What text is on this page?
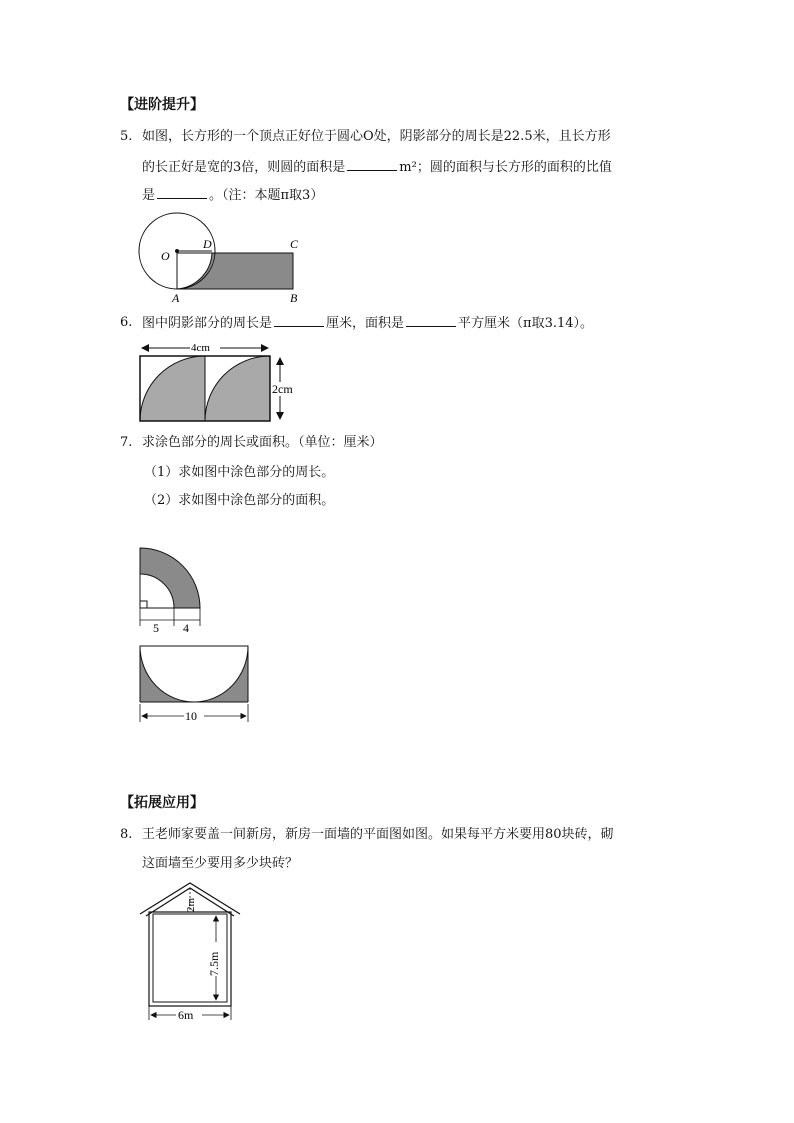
【进阶提升】
5. 如图，长方形的一个顶点正好位于圆心O处，阴影部分的周长是22.5米，且长方形
的长正好是宽的3倍，则圆的面积是	m²；圆的面积与长方形的面积的比值
是	。（注：本题π取3）
O
D	C
A	B
6. 图中阴影部分的周长是	厘米，面积是	平方厘米（π取3.14）。
4cm
2cm
7. 求涂色部分的周长或面积。（单位：厘米）
（1）求如图中涂色部分的周长。
（2）求如图中涂色部分的面积。
5 4
10
【拓展应用】
8. 王老师家要盖一间新房，新房一面墙的平面图如图。如果每平方米要用80块砖，砌
这面墙至少要用多少块砖？
2m
7.5m
6m
